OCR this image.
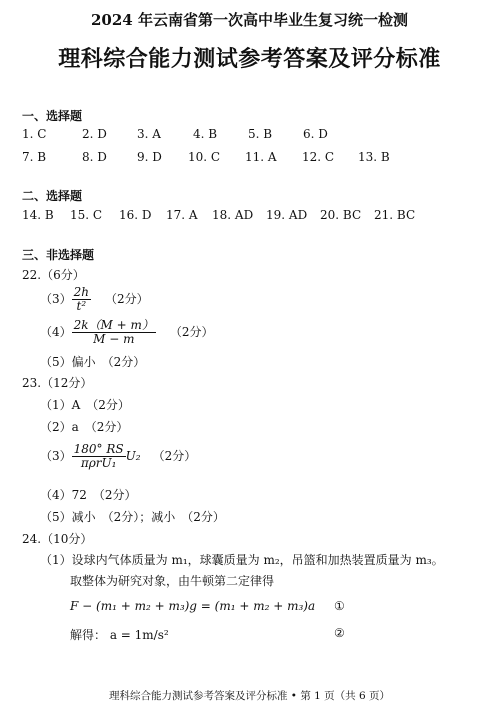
2024 年云南省第一次高中毕业生复习统一检测
理科综合能力测试参考答案及评分标准
一、选择题
1. C	2. D	3. A	4. B	5. B	6. D
7. B	8. D	9. D 10. C 11. A 12. C 13. B
二、选择题
14. B 15. C 16. D 17. A 18. AD 19. AD 20. BC 21. BC
三、非选择题
22.（6分）
$(3) \frac{2h}{\text{t²}} (2$分）
$(4) \frac{2k(M + m)}{M - m} (2$分）
（5）偏小　（2分）
23.（12分）
（1）A　（2分）
（2）a　（2分）
$(3) \frac{180^\circ RS}{\text{πρrU₁}} U_2$ （2分）
（4）72　（2分）
（5）减小　（2分）；减小　（2分）
24.（10分）
（1）设球内气体质量为 m₁，球囊质量为 m₂，吊篮和加热装置质量为 m₃。
取整体为研究对象，由牛顿第二定律得
F − (m₁ + m₂ + m₃)g = (m₁ + m₂ + m₃)a ①
解得： a = 1m/s²	②
理科综合能力测试参考答案及评分标准 • 第 1 页（共 6 页）
